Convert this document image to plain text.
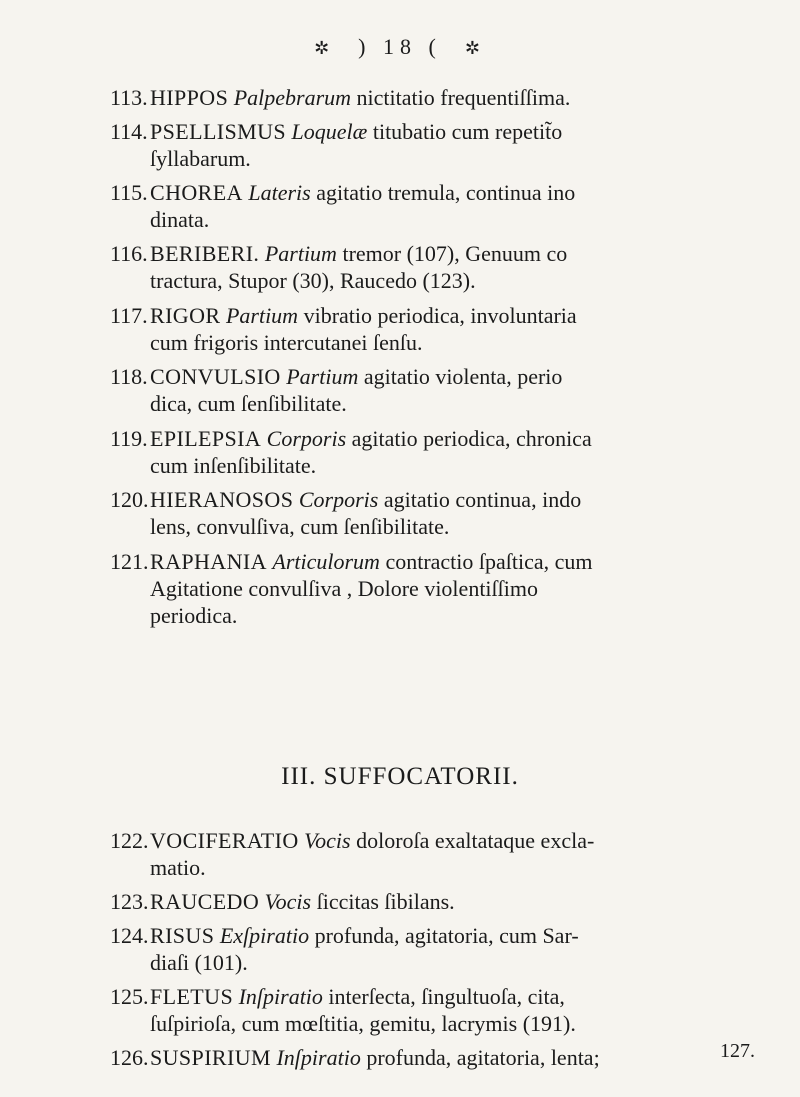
✲  ) 18 (  ✲
113. HIPPOS Palpebrarum nictitatio frequentiſſima.
114. PSELLISMUS Loquelæ titubatio cum repetit̃o
ſyllabarum.
115. CHOREA Lateris agitatio tremula, continua ino
dinata.
116. BERIBERI. Partium tremor (107), Genuum co
tractura, Stupor (30), Raucedo (123).
117. RIGOR Partium vibratio periodica, involuntaria
cum frigoris intercutanei ſenſu.
118. CONVULSIO Partium agitatio violenta, perio
dica, cum ſenſibilitate.
119. EPILEPSIA Corporis agitatio periodica, chronica
cum inſenſibilitate.
120.HIERANOSOS Corporis agitatio continua, indo
lens, convulſiva, cum ſenſibilitate.
121.RAPHANIA Articulorum contractio ſpaſtica, cum
Agitatione convulſiva , Dolore violentiſſimo
periodica.
III. SUFFOCATORII.
122.VOCIFERATIO Vocis doloroſa exaltataque excla-
matio.
123.RAUCEDO Vocis ſiccitas ſibilans.
124.RISUS Exſpiratio profunda, agitatoria, cum Sar-
diaſi (101).
125.FLETUS Inſpiratio interſecta, ſingultuoſa, cita,
ſuſpirioſa, cum mœſtitia, gemitu, lacrymis (191).
126.SUSPIRIUM Inſpiratio profunda, agitatoria, lenta;	127.
